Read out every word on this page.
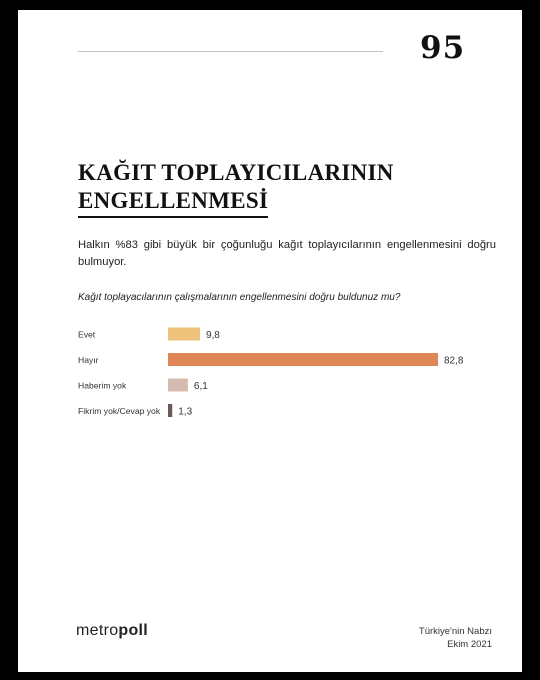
95
KAĞIT TOPLAYICILARININ
ENGELLENMESİ
Halkın %83 gibi büyük bir çoğunluğu kağıt toplayıcılarının engellenmesini doğru bulmuyor.
Kağıt toplayacılarının çalışmalarının engellenmesini doğru buldunuz mu?
Evet	9,8
Hayır	82,8
Haberim yok	6,1
Fikrim yok/Cevap yok 1,3
metropoll	Türkiye'nin Nabzı
Ekim 2021
